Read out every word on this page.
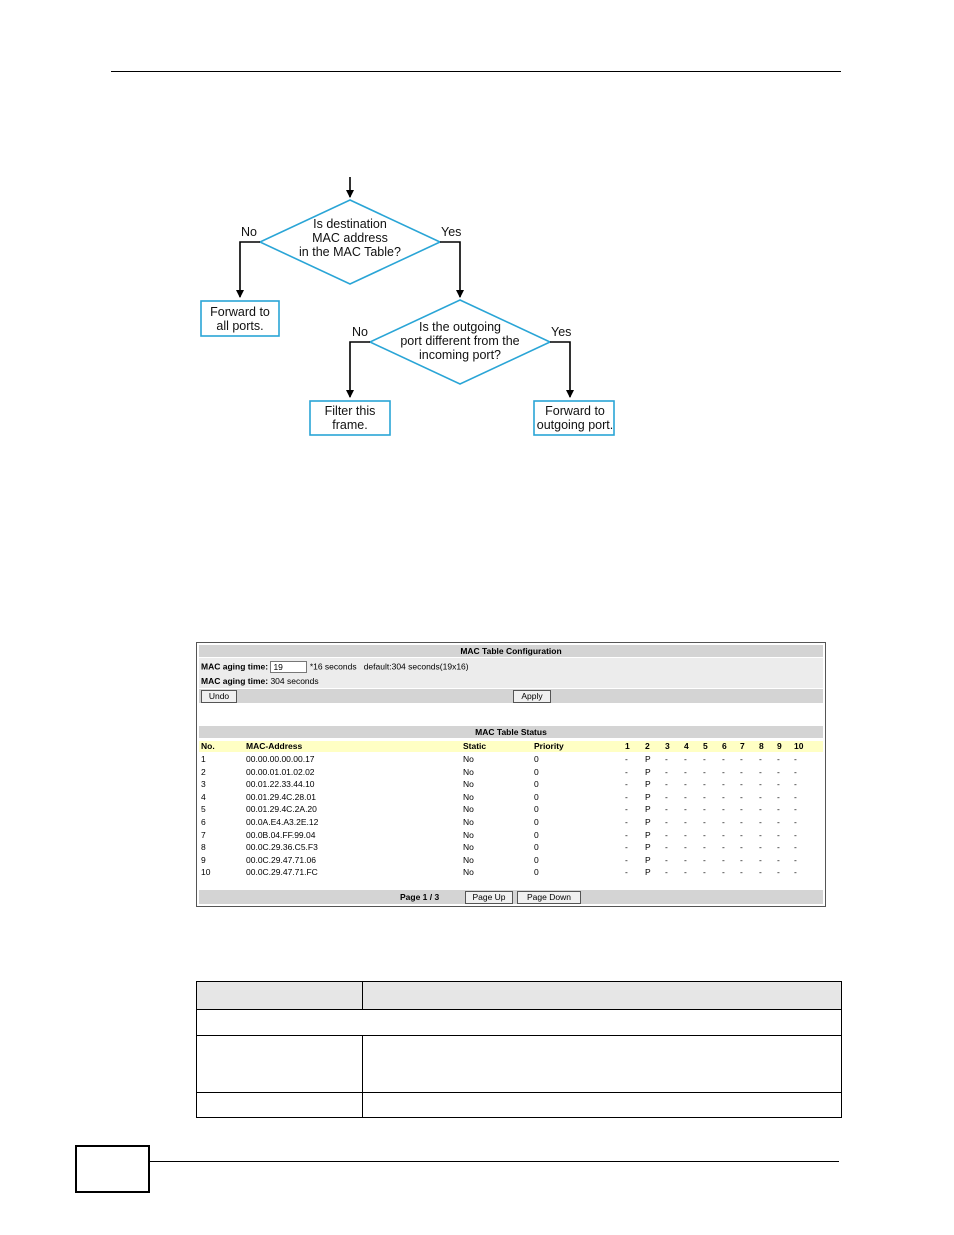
Is destination
MAC address
in the MAC Table?
No	Yes
Forward to
all ports.	Is the outgoing
port different from the
incoming port?
No	Yes
Filter this
frame.
Forward to
outgoing port.
MAC Table Configuration
MAC aging time: 19	*16 seconds default:304 seconds(19x16)
MAC aging time: 304 seconds
Undo	Apply
MAC Table Status
No.	MAC-Address	Static	Priority	1 2 3 4 5 6 7 8 9 10
1	00.00.00.00.00.17	No	0	- P - - - - - - - -
2	00.00.01.01.02.02	No	0	- P - - - - - - - -
3	00.01.22.33.44.10	No	0	- P - - - - - - - -
4	00.01.29.4C.28.01	No	0	- P - - - - - - - -
5	00.01.29.4C.2A.20	No	0	- P - - - - - - - -
6	00.0A.E4.A3.2E.12	No	0	- P - - - - - - - -
7	00.0B.04.FF.99.04	No	0	- P - - - - - - - -
8	00.0C.29.36.C5.F3	No	0	- P - - - - - - - -
9	00.0C.29.47.71.06	No	0	- P - - - - - - - -
10	00.0C.29.47.71.FC	No	0	- P - - - - - - - -
Page 1 / 3	Page Up	Page Down
